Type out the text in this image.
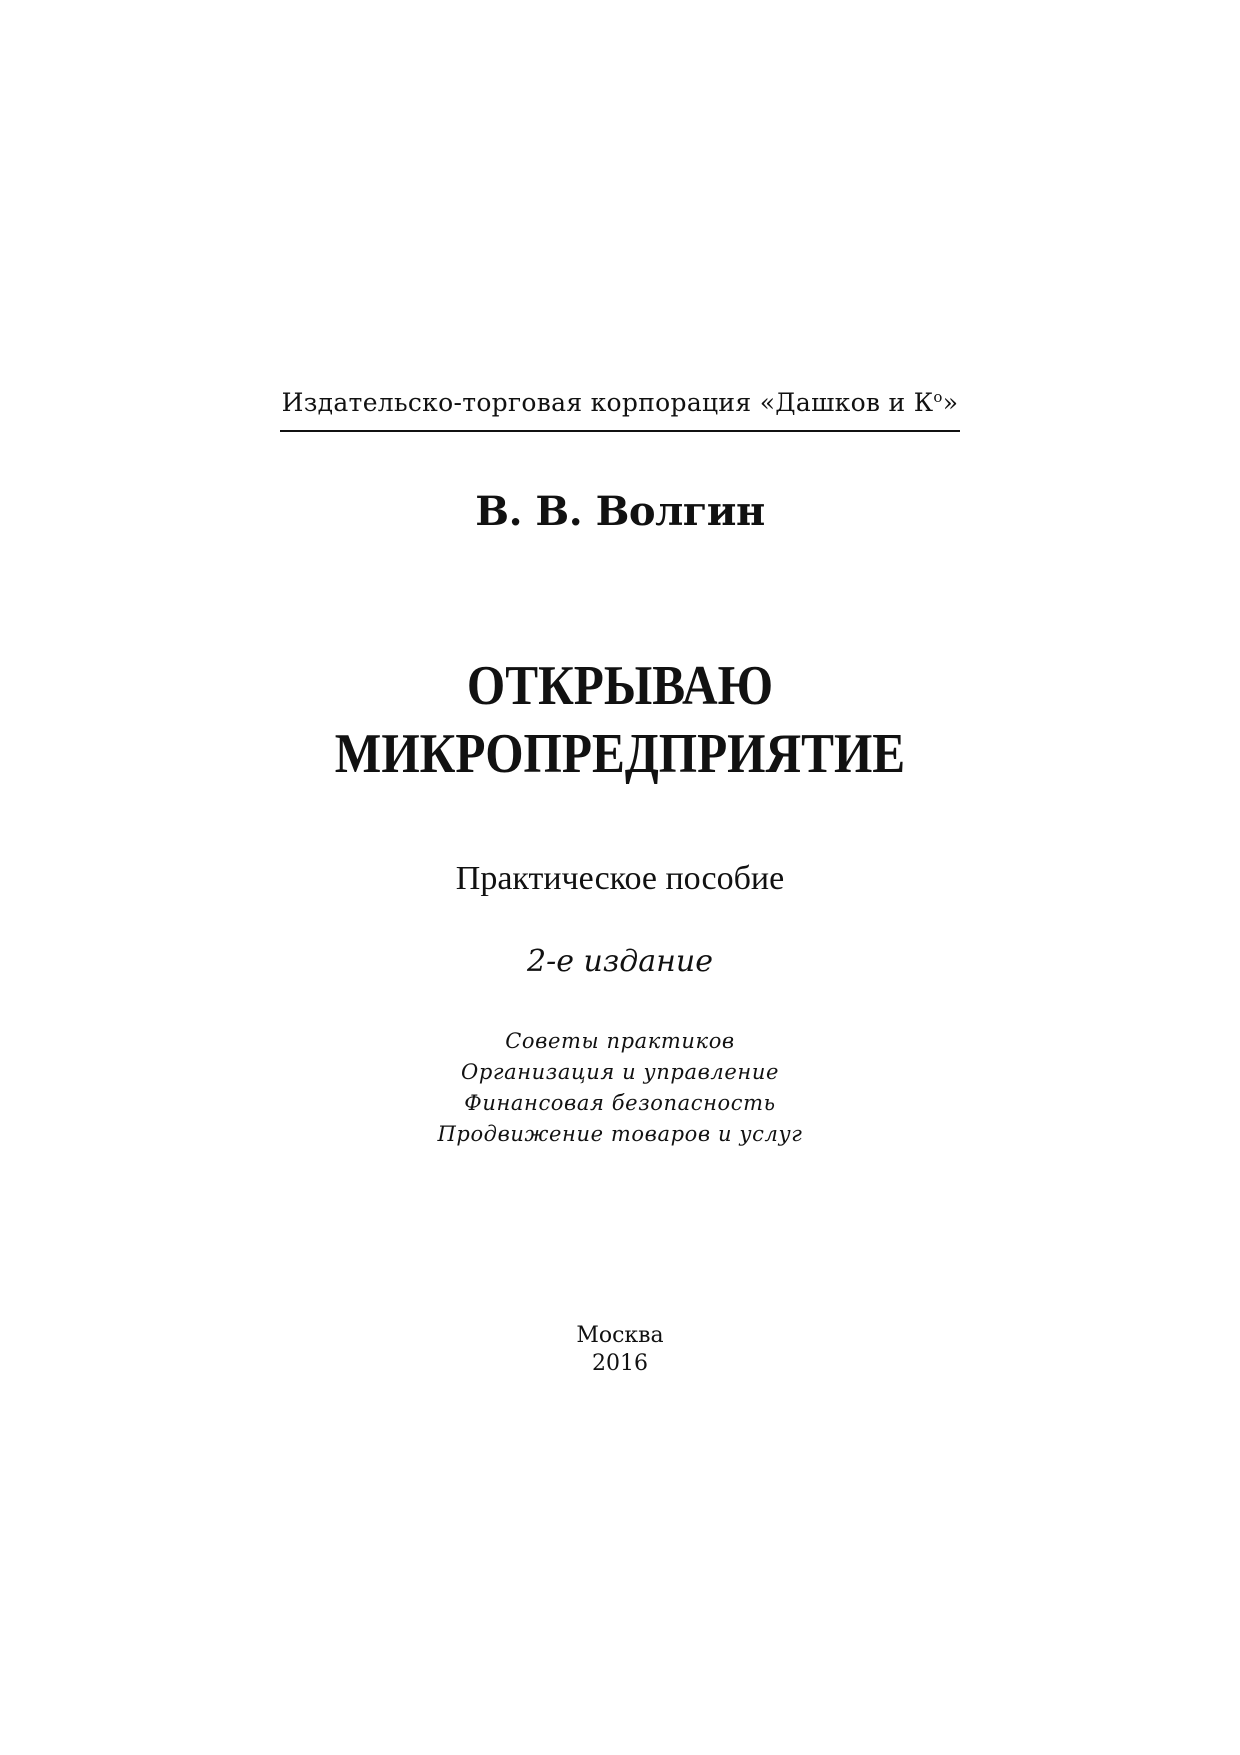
Издательско-торговая корпорация «Дашков и $К^о$»
В. В. Волгин
ОТКРЫВАЮ
МИКРОПРЕДПРИЯТИЕ
Практическое пособие
2-е издание
Советы практиков
Организация и управление
Финансовая безопасность
Продвижение товаров и услуг
Москва
2016
